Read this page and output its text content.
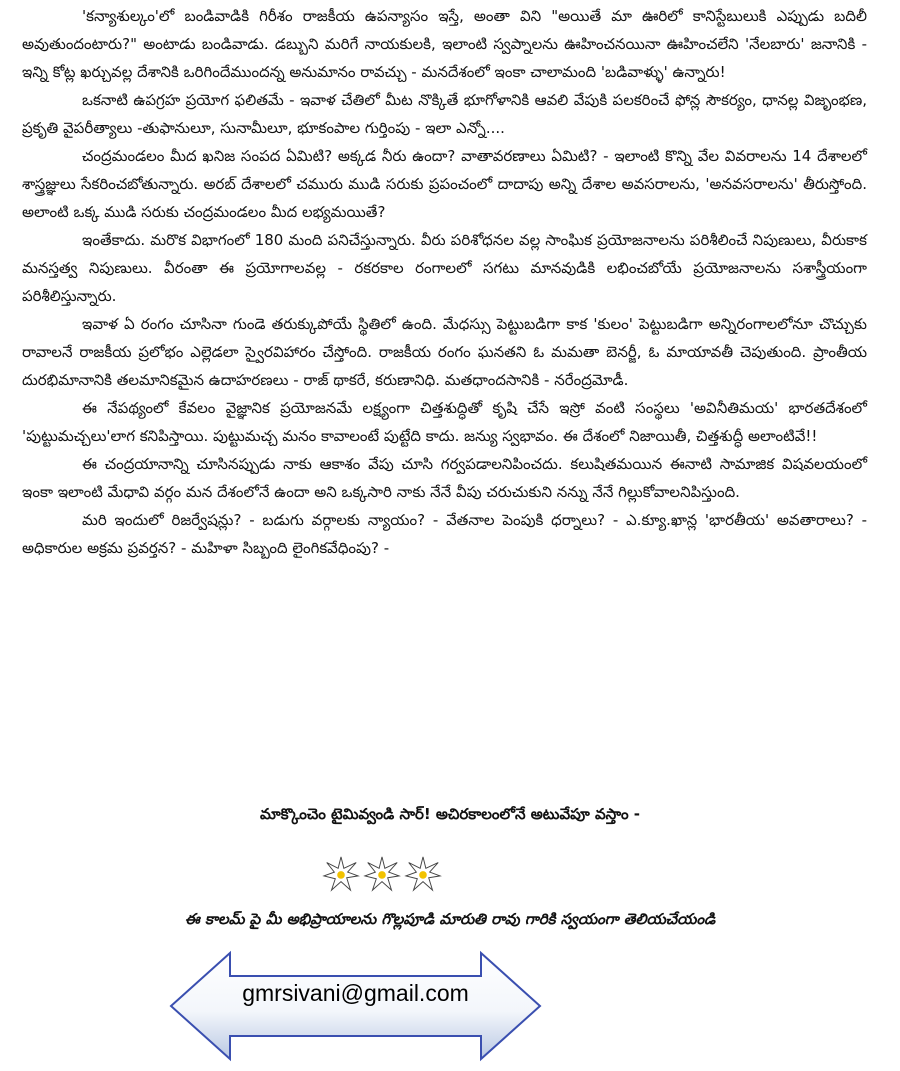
'కన్యాశుల్కం'లో బండివాడికి గిరీశం రాజకీయ ఉపన్యాసం ఇస్తే, అంతా విని "అయితే మా ఊరిలో కానిస్టేబులుకి ఎప్పుడు బదిలీ అవుతుందంటారు?" అంటాడు బండివాడు. డబ్బుని మరిగే నాయకులకి, ఇలాంటి స్వప్నాలను ఊహించనయినా ఊహించలేని 'నేలబారు' జనానికి - ఇన్ని కోట్ల ఖర్చువల్ల దేశానికి ఒరిగిందేముందన్న అనుమానం రావచ్చు - మనదేశంలో ఇంకా చాలామంది 'బడివాళ్ళు' ఉన్నారు!

ఒకనాటి ఉపగ్రహ ప్రయోగ ఫలితమే - ఇవాళ చేతిలో మీట నొక్కితే భూగోళానికి ఆవలి వేపుకి పలకరించే ఫోన్ల సౌకర్యం, ధానల్ల విజృంభణ, ప్రకృతి వైపరీత్యాలు -తుఫానులూ, సునామీలూ, భూకంపాల గుర్తింపు - ఇలా ఎన్నో....

చంద్రమండలం మీద ఖనిజ సంపద ఏమిటి? అక్కడ నీరు ఉందా? వాతావరణాలు ఏమిటి? - ఇలాంటి కొన్ని వేల వివరాలను 14 దేశాలలో శాస్త్రజ్ఞులు సేకరించబోతున్నారు. అరబ్ దేశాలలో చమురు ముడి సరుకు ప్రపంచంలో దాదాపు అన్ని దేశాల అవసరాలను, 'అనవసరాలను' తీరుస్తోంది. అలాంటి ఒక్క ముడి సరుకు చంద్రమండలం మీద లభ్యమయితే?

ఇంతేకాదు. మరొక విభాగంలో 180 మంది పనిచేస్తున్నారు. వీరు పరిశోధనల వల్ల సాంఘిక ప్రయోజనాలను పరిశీలించే నిపుణులు, వీరుకాక మనస్తత్వ నిపుణులు. వీరంతా ఈ ప్రయోగాలవల్ల - రకరకాల రంగాలలో సగటు మానవుడికి లభించబోయే ప్రయోజనాలను సశాస్త్రీయంగా పరిశీలిస్తున్నారు.

ఇవాళ ఏ రంగం చూసినా గుండె తరుక్కుపోయే స్థితిలో ఉంది. మేధస్సు పెట్టుబడిగా కాక 'కులం' పెట్టుబడిగా అన్నిరంగాలలోనూ చొచ్చుకు రావాలనే రాజకీయ ప్రలోభం ఎల్లెడలా స్వైరవిహారం చేస్తోంది. రాజకీయ రంగం ఘనతని ఓ మమతా బెనర్జీ, ఓ మాయావతీ చెపుతుంది. ప్రాంతీయ దురభిమానానికి తలమానికమైన ఉదాహరణలు - రాజ్ థాకరే, కరుణానిధి. మతధాందసానికి - నరేంద్రమోడీ.

ఈ నేపథ్యంలో కేవలం వైజ్ఞానిక ప్రయోజనమే లక్ష్యంగా చిత్తశుద్ధితో కృషి చేసే ఇస్రో వంటి సంస్థలు 'అవినీతిమయ' భారతదేశంలో 'పుట్టుమచ్చలు'లాగ కనిపిస్తాయి. పుట్టుమచ్చ మనం కావాలంటే పుట్టేది కాదు. జన్యు స్వభావం. ఈ దేశంలో నిజాయితీ, చిత్తశుద్ధీ అలాంటివే!!

ఈ చంద్రయానాన్ని చూసినప్పుడు నాకు ఆకాశం వేపు చూసి గర్వపడాలనిపించదు. కలుషితమయిన ఈనాటి సామాజిక విషవలయంలో ఇంకా ఇలాంటి మేధావి వర్గం మన దేశంలోనే ఉందా అని ఒక్కసారి నాకు నేనే వీపు చరుచుకుని నన్ను నేనే గిల్లుకోవాలనిపిస్తుంది.

మరి ఇందులో రిజర్వేషన్లు? - బడుగు వర్గాలకు న్యాయం? - వేతనాల పెంపుకి ధర్నాలు? - ఎ.క్యూ.ఖాన్ల 'భారతీయ' అవతారాలు? - అధికారుల అక్రమ ప్రవర్తన? - మహిళా సిబ్బంది లైంగికవేధింపు? -

మాక్కొంచెం టైమివ్వండి సార్! అచిరకాలంలోనే అటువేపూ వస్తాం -
ఈ కాలమ్ పై మీ అభిప్రాయాలను గొల్లపూడి మారుతి రావు గారికి స్వయంగా తెలియచేయండి
gmrsivani@gmail.com
